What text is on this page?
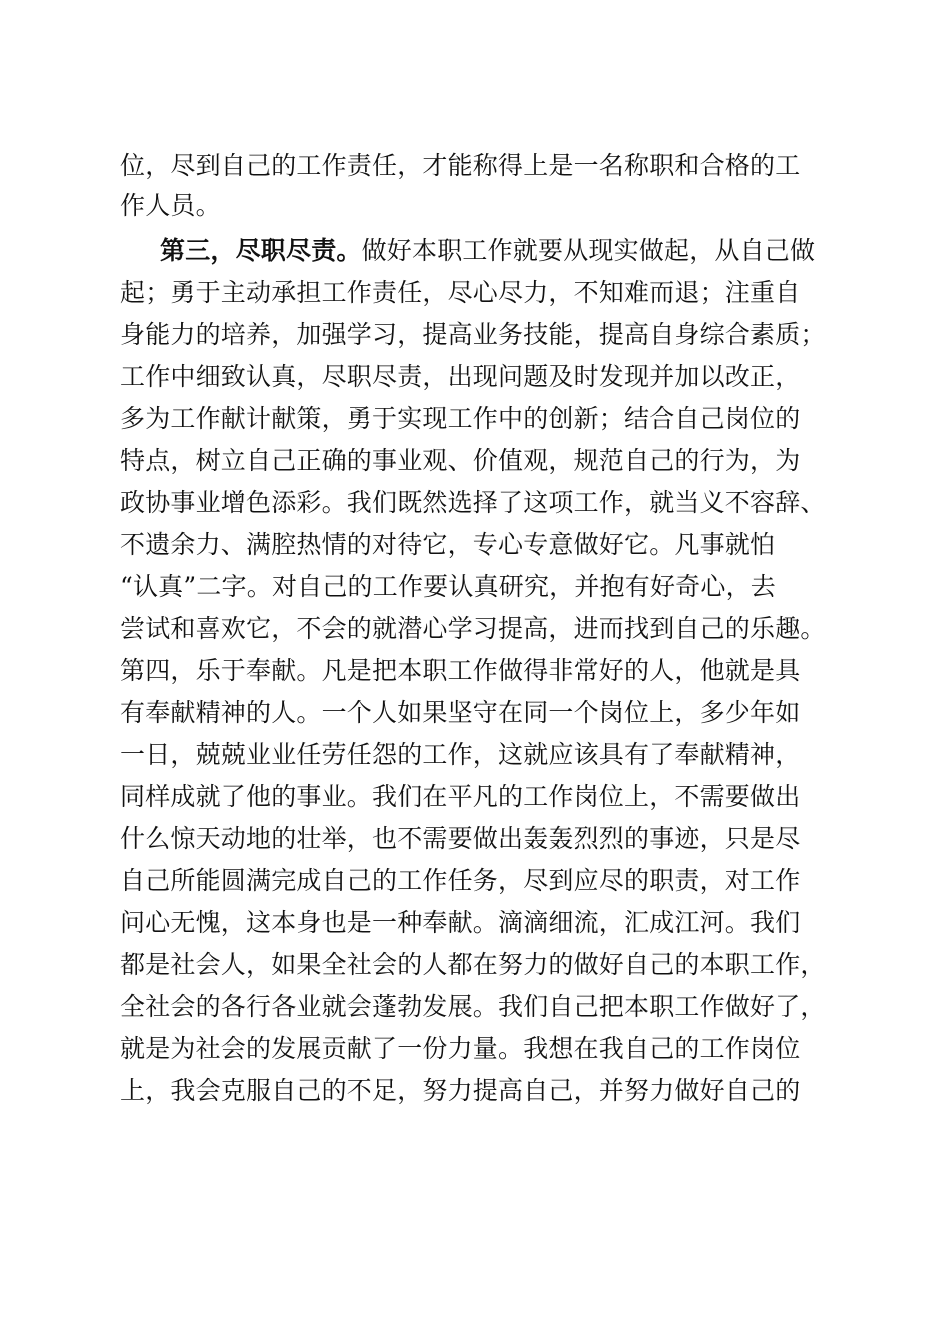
位，尽到自己的工作责任，才能称得上是一名称职和合格的工
作人员。
第三，尽职尽责。做好本职工作就要从现实做起，从自己做
起；勇于主动承担工作责任，尽心尽力，不知难而退；注重自
身能力的培养，加强学习，提高业务技能，提高自身综合素质；
工作中细致认真，尽职尽责，出现问题及时发现并加以改正，
多为工作献计献策，勇于实现工作中的创新；结合自己岗位的
特点，树立自己正确的事业观、价值观，规范自己的行为，为
政协事业增色添彩。我们既然选择了这项工作，就当义不容辞、
不遗余力、满腔热情的对待它，专心专意做好它。凡事就怕
“认真”二字。对自己的工作要认真研究，并抱有好奇心，去
尝试和喜欢它，不会的就潜心学习提高，进而找到自己的乐趣。
第四，乐于奉献。凡是把本职工作做得非常好的人，他就是具
有奉献精神的人。一个人如果坚守在同一个岗位上，多少年如
一日，兢兢业业任劳任怨的工作，这就应该具有了奉献精神，
同样成就了他的事业。我们在平凡的工作岗位上，不需要做出
什么惊天动地的壮举，也不需要做出轰轰烈烈的事迹，只是尽
自己所能圆满完成自己的工作任务，尽到应尽的职责，对工作
问心无愧，这本身也是一种奉献。滴滴细流，汇成江河。我们
都是社会人，如果全社会的人都在努力的做好自己的本职工作，
全社会的各行各业就会蓬勃发展。我们自己把本职工作做好了，
就是为社会的发展贡献了一份力量。我想在我自己的工作岗位
上，我会克服自己的不足，努力提高自己，并努力做好自己的
